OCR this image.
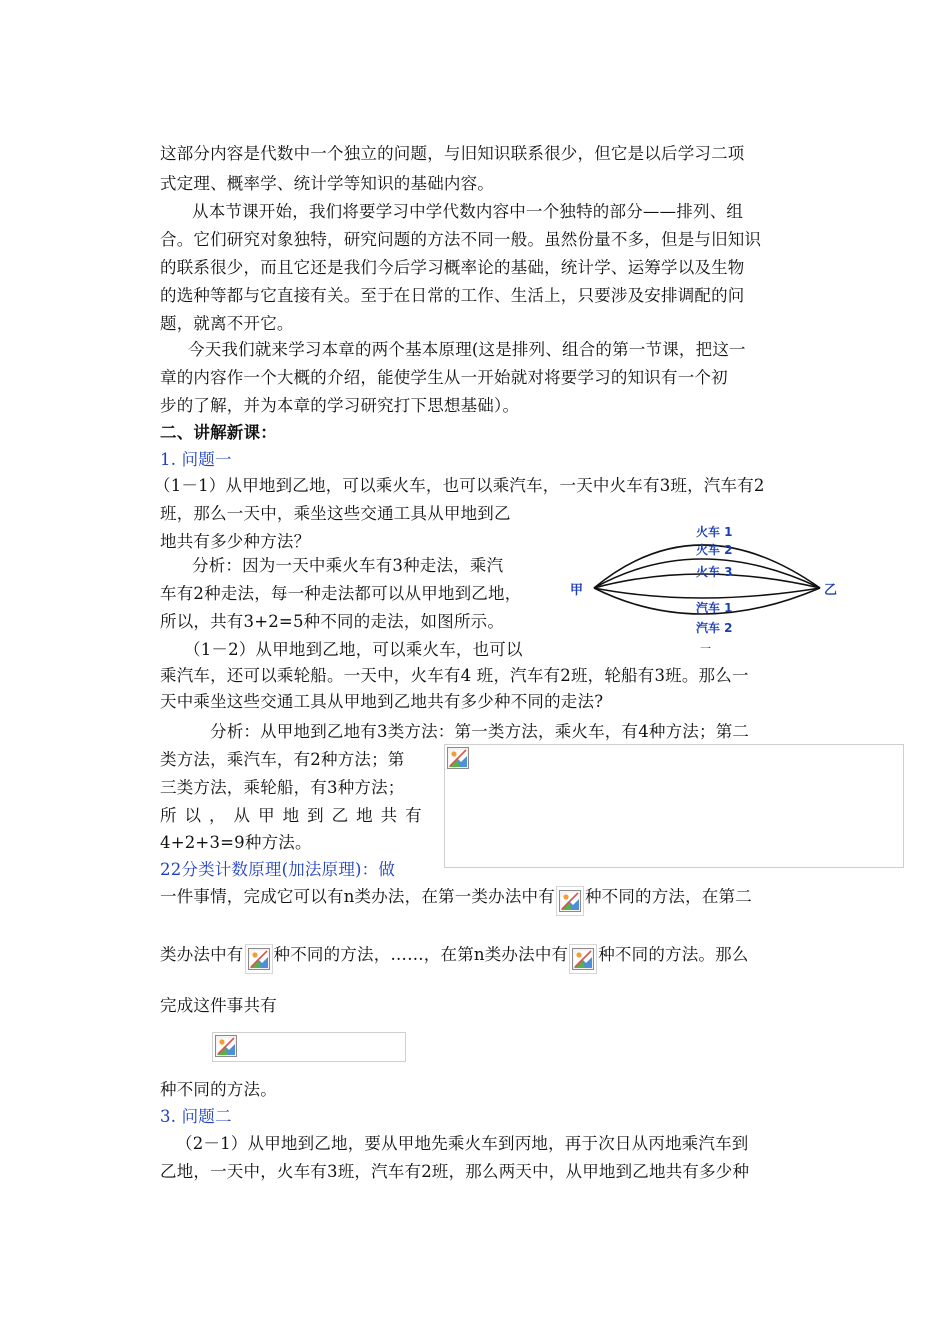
这部分内容是代数中一个独立的问题，与旧知识联系很少，但它是以后学习二项
式定理、概率学、统计学等知识的基础内容。
从本节课开始，我们将要学习中学代数内容中一个独特的部分——排列、组
合。它们研究对象独特，研究问题的方法不同一般。虽然份量不多，但是与旧知识
的联系很少，而且它还是我们今后学习概率论的基础，统计学、运筹学以及生物
的选种等都与它直接有关。至于在日常的工作、生活上，只要涉及安排调配的问
题，就离不开它。
今天我们就来学习本章的两个基本原理(这是排列、组合的第一节课，把这一
章的内容作一个大概的介绍，能使学生从一开始就对将要学习的知识有一个初
步的了解，并为本章的学习研究打下思想基础）。
二、讲解新课：
1. 问题一
（1－1）从甲地到乙地，可以乘火车，也可以乘汽车，一天中火车有3班，汽车有2
班，那么一天中，乘坐这些交通工具从甲地到乙
地共有多少种方法？
分析：因为一天中乘火车有3种走法，乘汽
车有2种走法，每一种走法都可以从甲地到乙地，
所以，共有3+2=5种不同的走法，如图所示。
（1－2）从甲地到乙地，可以乘火车，也可以
乘汽车，还可以乘轮船。一天中，火车有4 班，汽车有2班，轮船有3班。那么一
天中乘坐这些交通工具从甲地到乙地共有多少种不同的走法?
分析：从甲地到乙地有3类方法：第一类方法，乘火车，有4种方法；第二
类方法，乘汽车，有2种方法；第
三类方法，乘轮船，有3种方法；
所 以 ， 从 甲 地 到 乙 地 共 有
4+2+3=9种方法。
22分类计数原理(加法原理)：做
一件事情，完成它可以有n类办法，在第一类办法中有 种不同的方法，在第二
类办法中有 种不同的方法，……，在第n类办法中有 种不同的方法。那么
完成这件事共有
种不同的方法。
3. 问题二
（2－1）从甲地到乙地，要从甲地先乘火车到丙地，再于次日从丙地乘汽车到
乙地，一天中，火车有3班，汽车有2班，那么两天中，从甲地到乙地共有多少种
甲	乙
火车 1
火车 2
火车 3
汽车 1
汽车 2
一
